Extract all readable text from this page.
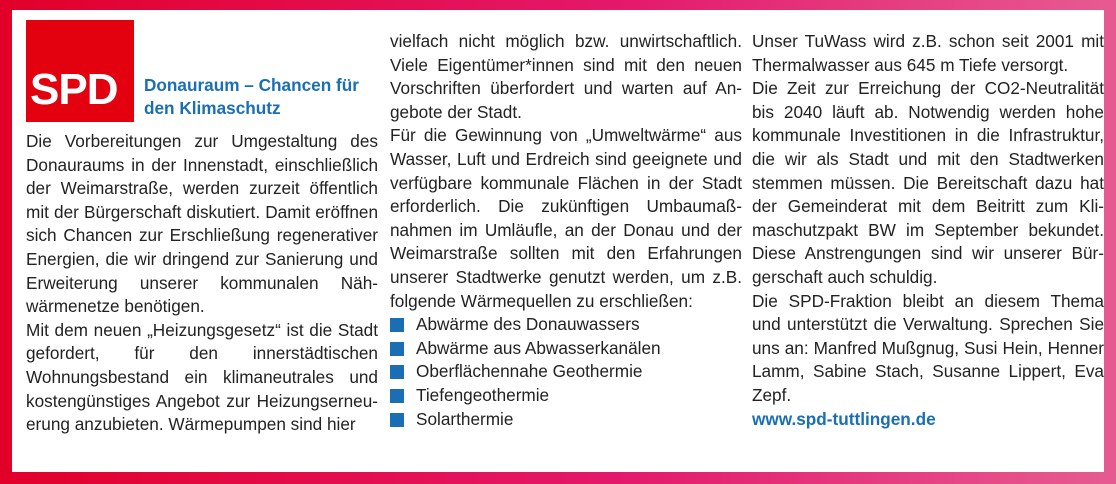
SPD Donauraum – Chancen für
den Klimaschutz

Die Vorbereitungen zur Umgestaltung des Donauraums in der Innenstadt, einschließlich der Weimarstraße, werden zurzeit öffentlich mit der Bürgerschaft diskutiert. Damit eröffnen sich Chancen zur Erschließung regenerativer Energien, die wir dringend zur Sanierung und Erweiterung unserer kommunalen Nähwärmenetze benötigen.

Mit dem neuen „Heizungsgesetz“ ist die Stadt gefordert, für den innerstädtischen Wohnungsbestand ein klimaneutrales und kostengünstiges Angebot zur Heizungserneuerung anzubieten. Wärmepumpen sind hier

vielfach nicht möglich bzw. unwirtschaftlich. Viele Eigentümer*innen sind mit den neuen Vorschriften überfordert und warten auf Angebote der Stadt.

Für die Gewinnung von „Umweltwärme“ aus Wasser, Luft und Erdreich sind geeignete und verfügbare kommunale Flächen in der Stadt erforderlich. Die zukünftigen Umbaumaßnahmen im Umläufle, an der Donau und der Weimarstraße sollten mit den Erfahrungen unserer Stadtwerke genutzt werden, um z.B. folgende Wärmequellen zu erschließen:

Abwärme des Donauwassers
Abwärme aus Abwasserkanälen
Oberflächennahe Geothermie
Tiefengeothermie
Solarthermie

Unser TuWass wird z.B. schon seit 2001 mit Thermalwasser aus 645 m Tiefe versorgt.

Die Zeit zur Erreichung der CO2-Neutralität bis 2040 läuft ab. Notwendig werden hohe kommunale Investitionen in die Infrastruktur, die wir als Stadt und mit den Stadtwerken stemmen müssen. Die Bereitschaft dazu hat der Gemeinderat mit dem Beitritt zum Klimaschutzpakt BW im September bekundet. Diese Anstrengungen sind wir unserer Bürgerschaft auch schuldig.

Die SPD-Fraktion bleibt an diesem Thema und unterstützt die Verwaltung. Sprechen Sie uns an: Manfred Mußgnug, Susi Hein, Henner Lamm, Sabine Stach, Susanne Lippert, Eva Zepf.

www.spd-tuttlingen.de
